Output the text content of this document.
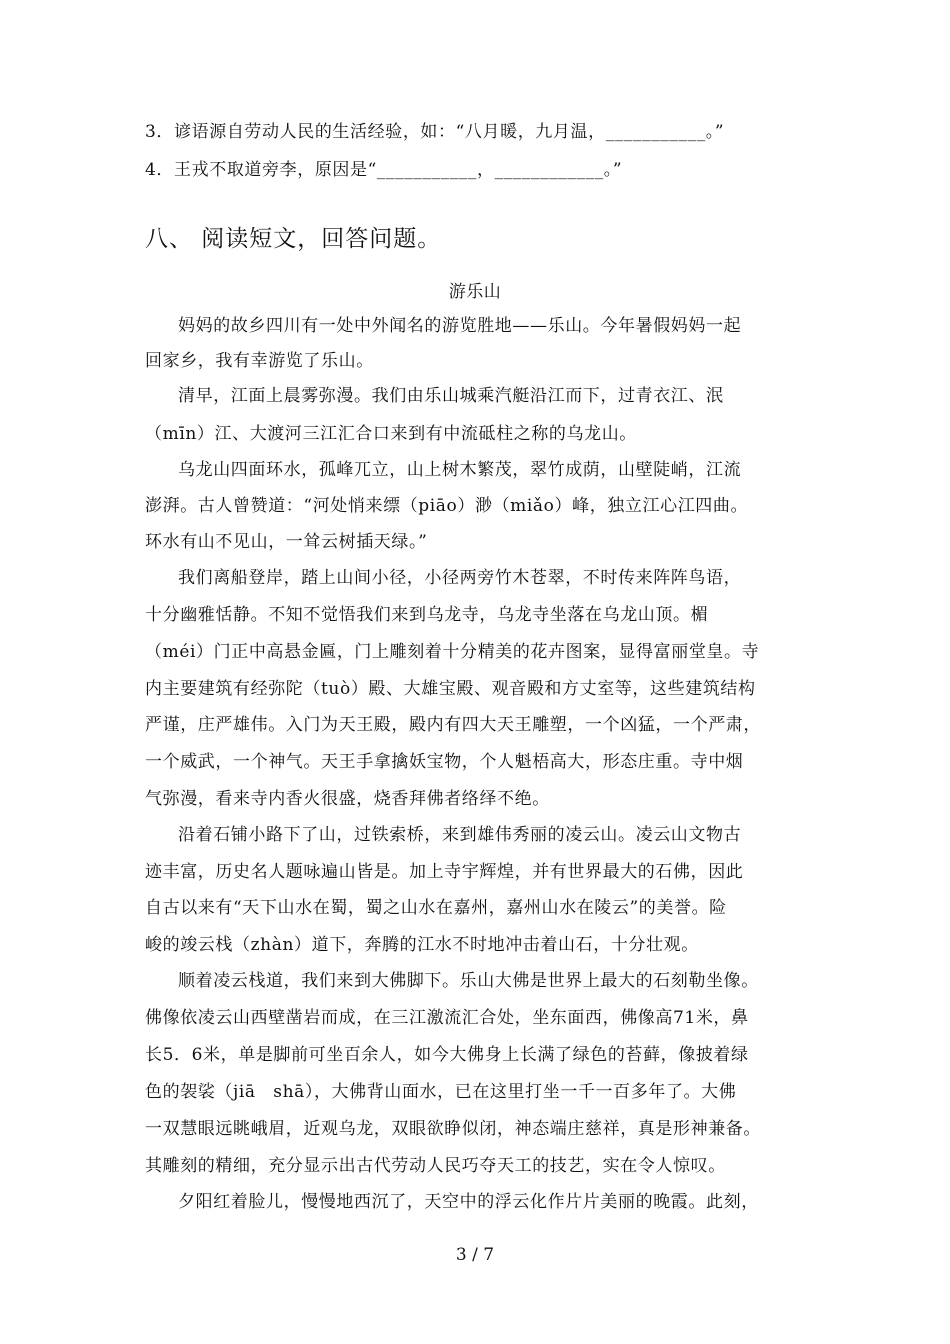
3．谚语源自劳动人民的生活经验，如：“八月暖，九月温，___________。”
4．王戎不取道旁李，原因是“___________，____________。”
八、 阅读短文，回答问题。
游乐山
妈妈的故乡四川有一处中外闻名的游览胜地——乐山。今年暑假妈妈一起
回家乡，我有幸游览了乐山。
清早，江面上晨雾弥漫。我们由乐山城乘汽艇沿江而下，过青衣江、泯
（mīn）江、大渡河三江汇合口来到有中流砥柱之称的乌龙山。
乌龙山四面环水，孤峰兀立，山上树木繁茂，翠竹成荫，山壁陡峭，江流
澎湃。古人曾赞道：“河处悄来缥（piāo）渺（miǎo）峰，独立江心江四曲。
环水有山不见山，一耸云树插天绿。”
我们离船登岸，踏上山间小径，小径两旁竹木苍翠，不时传来阵阵鸟语，
十分幽雅恬静。不知不觉悟我们来到乌龙寺，乌龙寺坐落在乌龙山顶。楣
（méi）门正中高悬金匾，门上雕刻着十分精美的花卉图案，显得富丽堂皇。寺
内主要建筑有经弥陀（tuò）殿、大雄宝殿、观音殿和方丈室等，这些建筑结构
严谨，庄严雄伟。入门为天王殿，殿内有四大天王雕塑，一个凶猛，一个严肃，
一个威武，一个神气。天王手拿擒妖宝物，个人魁梧高大，形态庄重。寺中烟
气弥漫，看来寺内香火很盛，烧香拜佛者络绎不绝。
沿着石铺小路下了山，过铁索桥，来到雄伟秀丽的凌云山。凌云山文物古
迹丰富，历史名人题咏遍山皆是。加上寺宇辉煌，并有世界最大的石佛，因此
自古以来有“天下山水在蜀，蜀之山水在嘉州，嘉州山水在陵云”的美誉。险
峻的竣云栈（zhàn）道下，奔腾的江水不时地冲击着山石，十分壮观。
顺着凌云栈道，我们来到大佛脚下。乐山大佛是世界上最大的石刻勒坐像。
佛像依凌云山西壁凿岩而成，在三江激流汇合处，坐东面西，佛像高71米，鼻
长5．6米，单是脚前可坐百余人，如今大佛身上长满了绿色的苔藓，像披着绿
色的袈裟（jiā　shā），大佛背山面水，已在这里打坐一千一百多年了。大佛
一双慧眼远眺峨眉，近观乌龙，双眼欲睁似闭，神态端庄慈祥，真是形神兼备。
其雕刻的精细，充分显示出古代劳动人民巧夺天工的技艺，实在令人惊叹。
夕阳红着脸儿，慢慢地西沉了，天空中的浮云化作片片美丽的晚霞。此刻，
3 / 7
